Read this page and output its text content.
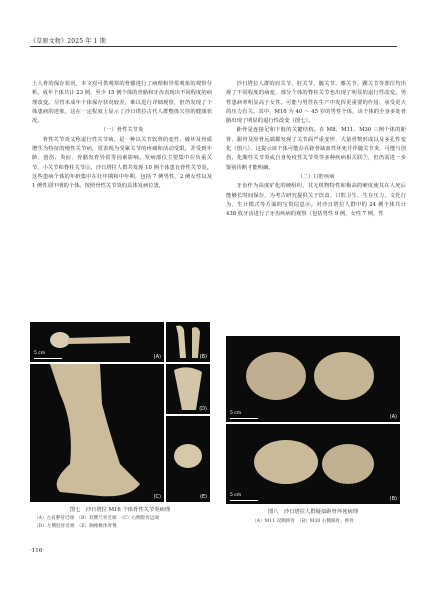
《草原文物》2025 年 1 期

土人骨的保存状况，本文对可供观察的骨骼进行了病理和异常观象的观察分析。成年个体共计 23 例，至少 15 例个体的骨骼和牙齿表现出不同程度的病理改变。尽管未成年个体保存状况较差，难以进行详细观察，但仍发现了个体患病的迹象，这在一定程度上显示了沙日塔拉古代人群整体欠佳的健康状况。

（一）骨性关节炎

骨性关节炎又称退行性关节病，是一种以关节软骨的变性、破坏及骨质增生为特征的慢性关节病，常表现为受累关节的疼痛和活动受限，并受到年龄、创伤、炎症、骨骼发育异常等因素影响。发病部位主要集中在负重关节、小关节和脊柱关节⑥。沙日塔拉人群共发现 10 例个体患有骨性关节炎。这些患病个体的年龄集中在壮年期和中年期，包括 7 例男性、2 例女性以及 1 例性别不明的个体。按照骨性关节炎的具体发病位置，

沙日塔拉人群的肩关节、肘关节、髋关节、膝关节、踝关节等部位均出现了不同程度的病变，部分个体的脊柱关节也出现了明显的退行性改变。男性患病率明显高于女性。可能与男性在生产中发挥更重要的作用、承受更大的压力有关。其中，M16 为 40 ～ 45 岁的男性个体，该个体的全身多处骨骼出现了明显的退行性改变（图七）。

距骨是连接足和下肢的关键结构。在 M8、M11、M30 三例个体的距骨、跟骨及胫骨远端都发现了关节面严重变形、大量骨赘形成以及多孔性变化（图八），这提示该个体可能存在距骨缺血性坏死并伴随关节炎，可能与创伤、化脓性关节炎或自身免疫性关节炎等多种疾病相关联⑦，但仍需进一步鉴别诊断才能明确。

（二）口腔疾病

牙齿作为高度矿化的硬组织，其无机物特性和极高的硬度使其在人死后能够长时间保存，为考古研究提供关于饮食、口腔卫生、生存压力、文化行为、生计模式等方面的宝贵信息⑧。对沙日塔拉人群中的 24 例个体共计 438 枚牙齿进行了牙齿疾病的观察（包括男性 9 例，女性 7 例，性

5 cm
(A)	(B)
(C)
(D)
(E)
图七　沙日塔拉 M16 个体骨性关节炎病理
（A）左肩胛骨近端　（B）双侧尺骨近端　（C）右侧股骨远端
（D）左侧胫骨近端　（E）胸椎椎体骨赘
5 cm
(A)
5 cm
(B)
图八　沙日塔拉人群疑似距骨坏死病理
（A）M11 双侧距骨　（B）M30 右侧跟骨、距骨
·116·
